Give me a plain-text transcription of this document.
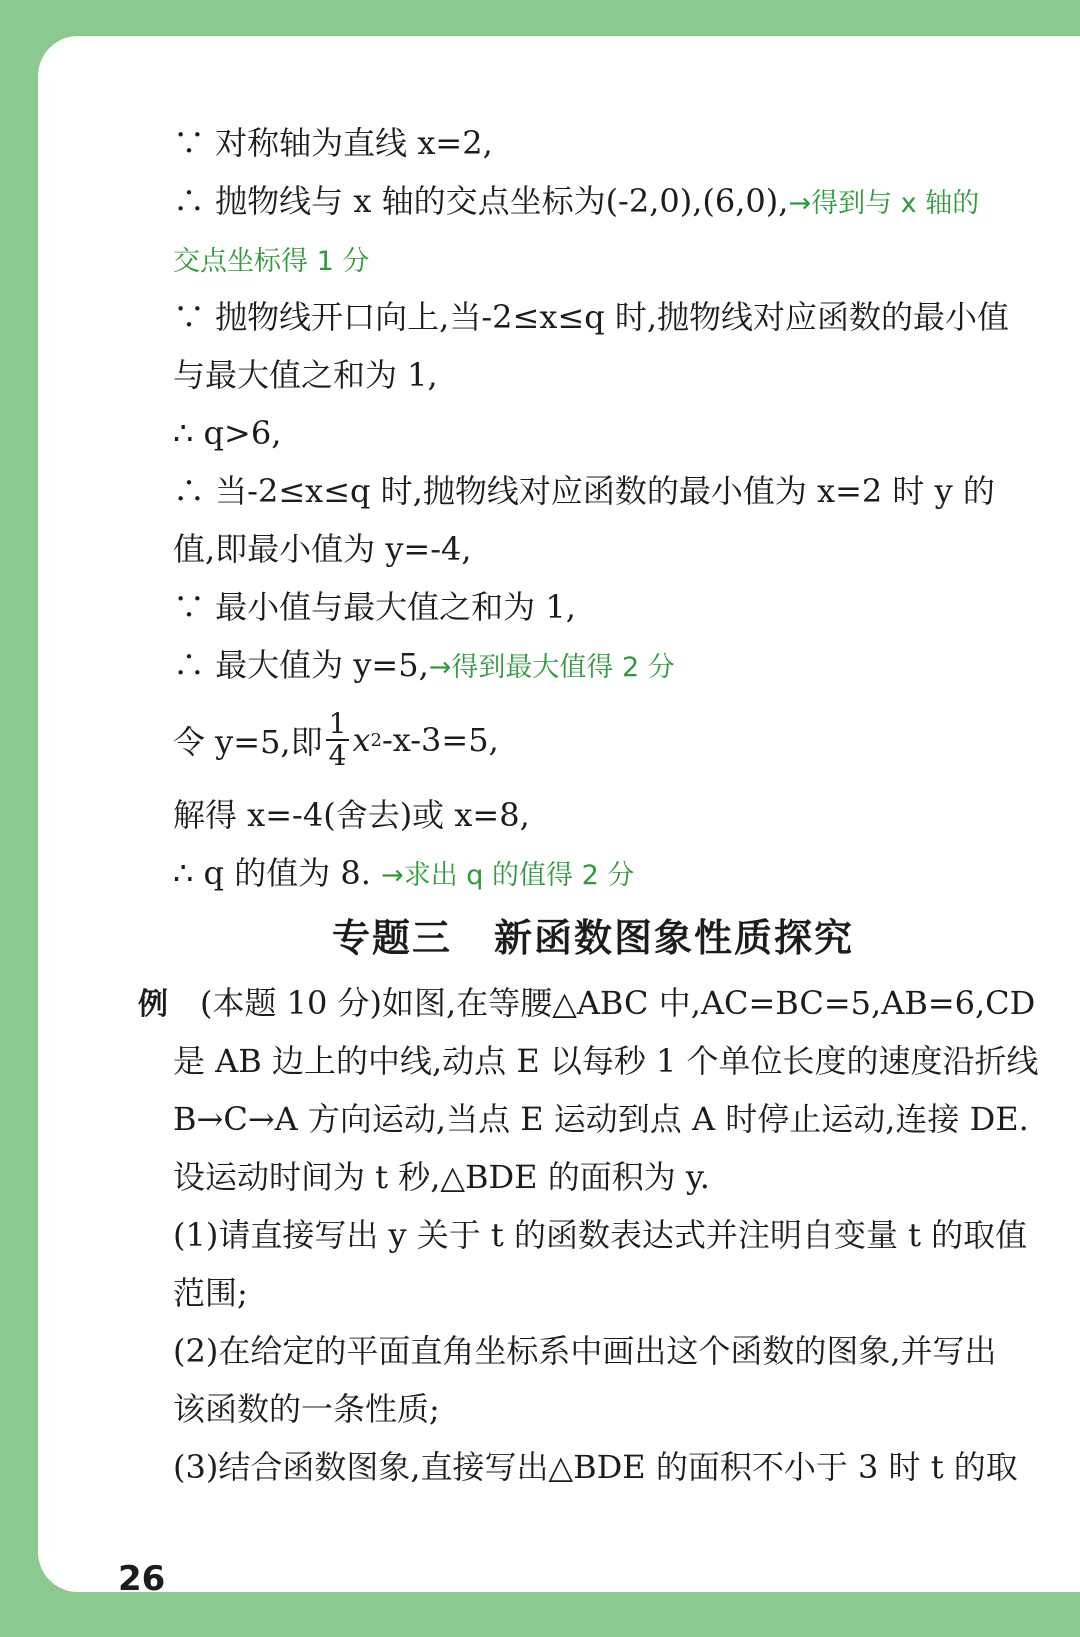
∵ 对称轴为直线 x=2,
∴ 抛物线与 x 轴的交点坐标为(-2,0),(6,0),→得到与 x 轴的
交点坐标得 1 分
∵ 抛物线开口向上,当-2≤x≤q 时,抛物线对应函数的最小值
与最大值之和为 1,
∴ q>6,
∴ 当-2≤x≤q 时,抛物线对应函数的最小值为 x=2 时 y 的
值,即最小值为 y=-4,
∵ 最小值与最大值之和为 1,
∴ 最大值为 y=5,→得到最大值得 2 分
令 y=5,即 $\frac{1}{4}$ x 2 -x-3=5,
解得 x=-4(舍去)或 x=8,
∴ q 的值为 8. →求出 q 的值得 2 分
专题三 新函数图象性质探究
例 (本题 10 分)如图,在等腰△ABC 中,AC=BC=5,AB=6,CD
是 AB 边上的中线,动点 E 以每秒 1 个单位长度的速度沿折线
B→C→A 方向运动,当点 E 运动到点 A 时停止运动,连接 DE.
设运动时间为 t 秒,△BDE 的面积为 y.
(1)请直接写出 y 关于 t 的函数表达式并注明自变量 t 的取值
范围;
(2)在给定的平面直角坐标系中画出这个函数的图象,并写出
该函数的一条性质;
(3)结合函数图象,直接写出△BDE 的面积不小于 3 时 t 的取
26
